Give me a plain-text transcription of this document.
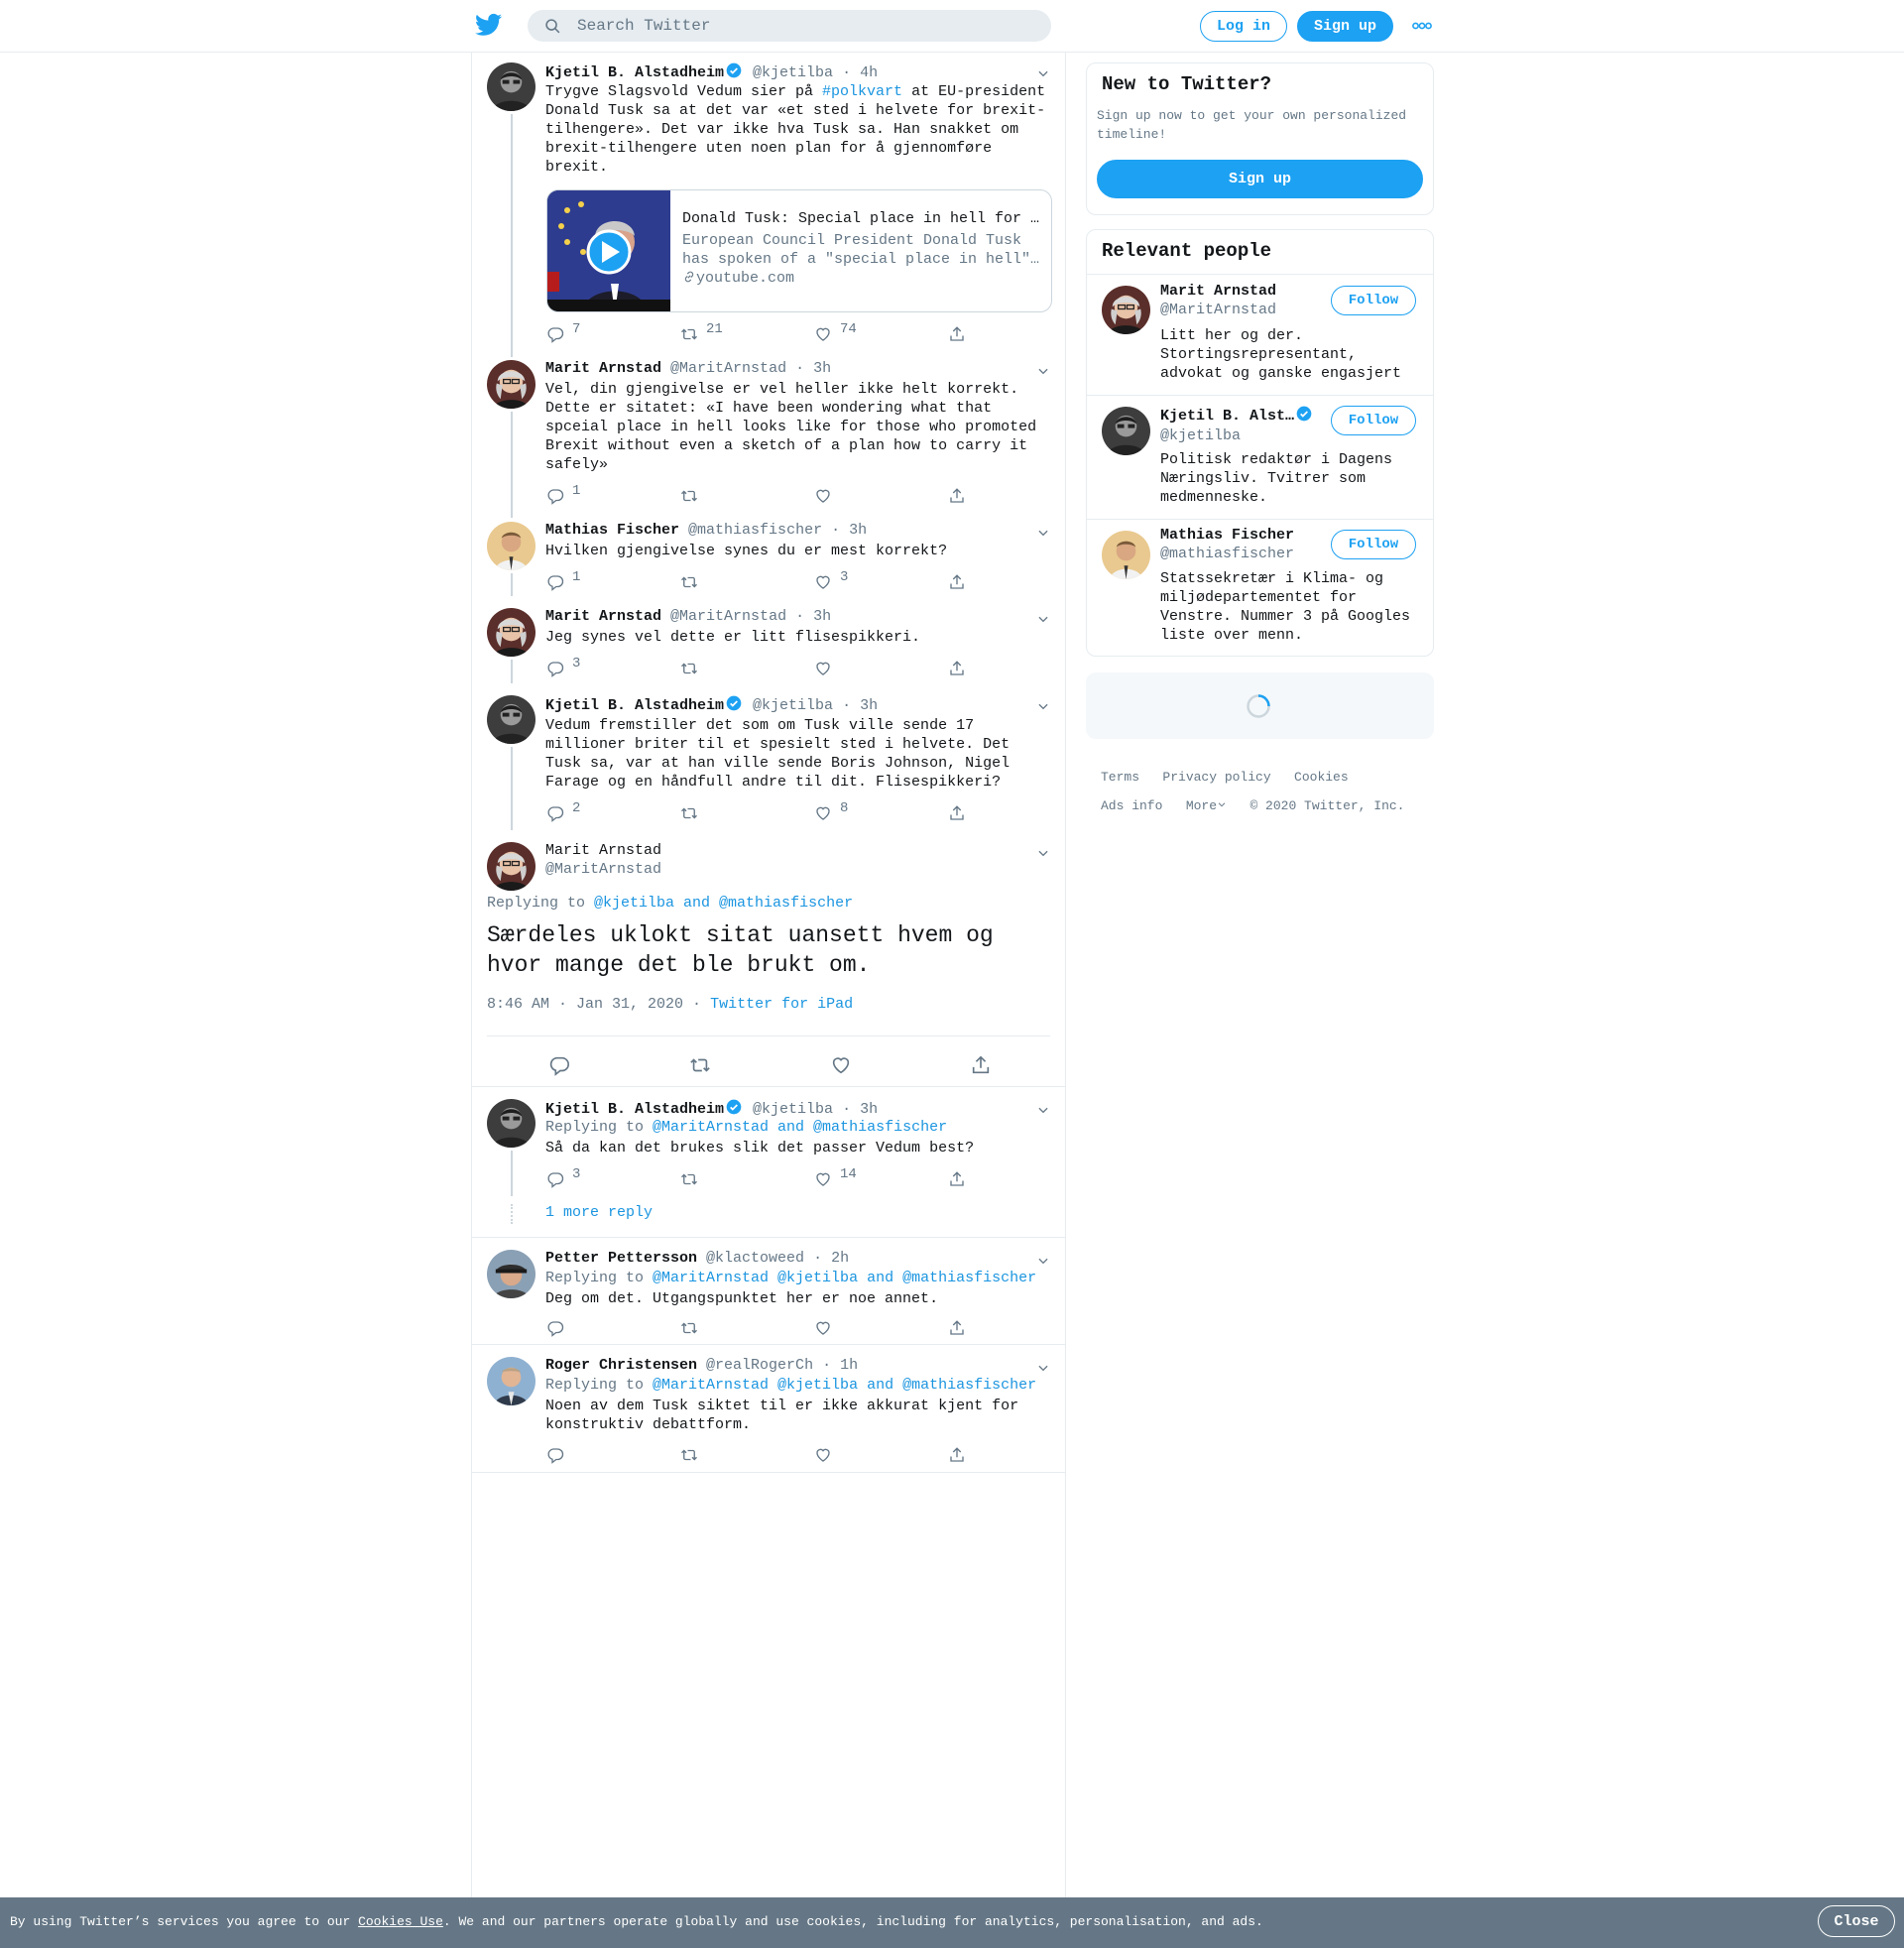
Search Twitter
Log in	Sign up
Kjetil B. Alstadheim @kjetilba · 4h
Trygve Slagsvold Vedum sier på #polkvart at EU-president Donald Tusk sa at det var «et sted i helvete for brexit-tilhengere». Det var ikke hva Tusk sa. Han snakket om brexit-tilhengere uten noen plan for å gjennomføre brexit.
Donald Tusk: Special place in hell for …
European Council President Donald Tusk has spoken of a "special place in hell"…
youtube.com
7	21	74
Marit Arnstad @MaritArnstad · 3h
Vel, din gjengivelse er vel heller ikke helt korrekt. Dette er sitatet: «I have been wondering what that spceial place in hell looks like for those who promoted Brexit without even a sketch of a plan how to carry it safely»
1
Mathias Fischer @mathiasfischer · 3h
Hvilken gjengivelse synes du er mest korrekt?
1	3
Marit Arnstad @MaritArnstad · 3h
Jeg synes vel dette er litt flisespikkeri.
3
Kjetil B. Alstadheim @kjetilba · 3h
Vedum fremstiller det som om Tusk ville sende 17 millioner briter til et spesielt sted i helvete. Det Tusk sa, var at han ville sende Boris Johnson, Nigel Farage og en håndfull andre til dit. Flisespikkeri?
2	8
Marit Arnstad
@MaritArnstad
Replying to @kjetilba and @mathiasfischer
Særdeles uklokt sitat uansett hvem og hvor mange det ble brukt om.
8:46 AM · Jan 31, 2020 · Twitter for iPad
Kjetil B. Alstadheim @kjetilba · 3h
Replying to @MaritArnstad and @mathiasfischer
Så da kan det brukes slik det passer Vedum best?
3	14
1 more reply
Petter Pettersson @klactoweed · 2h
Replying to @MaritArnstad @kjetilba and @mathiasfischer
Deg om det. Utgangspunktet her er noe annet.
Roger Christensen @realRogerCh · 1h
Replying to @MaritArnstad @kjetilba and @mathiasfischer
Noen av dem Tusk siktet til er ikke akkurat kjent for konstruktiv debattform.
New to Twitter?
Sign up now to get your own personalized timeline!
Sign up
Relevant people
Marit Arnstad
@MaritArnstad
Follow
Litt her og der. Stortingsrepresentant, advokat og ganske engasjert
Kjetil B. Alst…
@kjetilba
Follow
Politisk redaktør i Dagens Næringsliv. Tvitrer som medmenneske.
Mathias Fischer
@mathiasfischer
Follow
Statssekretær i Klima- og miljødepartementet for Venstre. Nummer 3 på Googles liste over menn.
Terms Privacy policy Cookies
Ads info More	© 2020 Twitter, Inc.
By using Twitter’s services you agree to our Cookies Use. We and our partners operate globally and use cookies, including for analytics, personalisation, and ads.	Close
